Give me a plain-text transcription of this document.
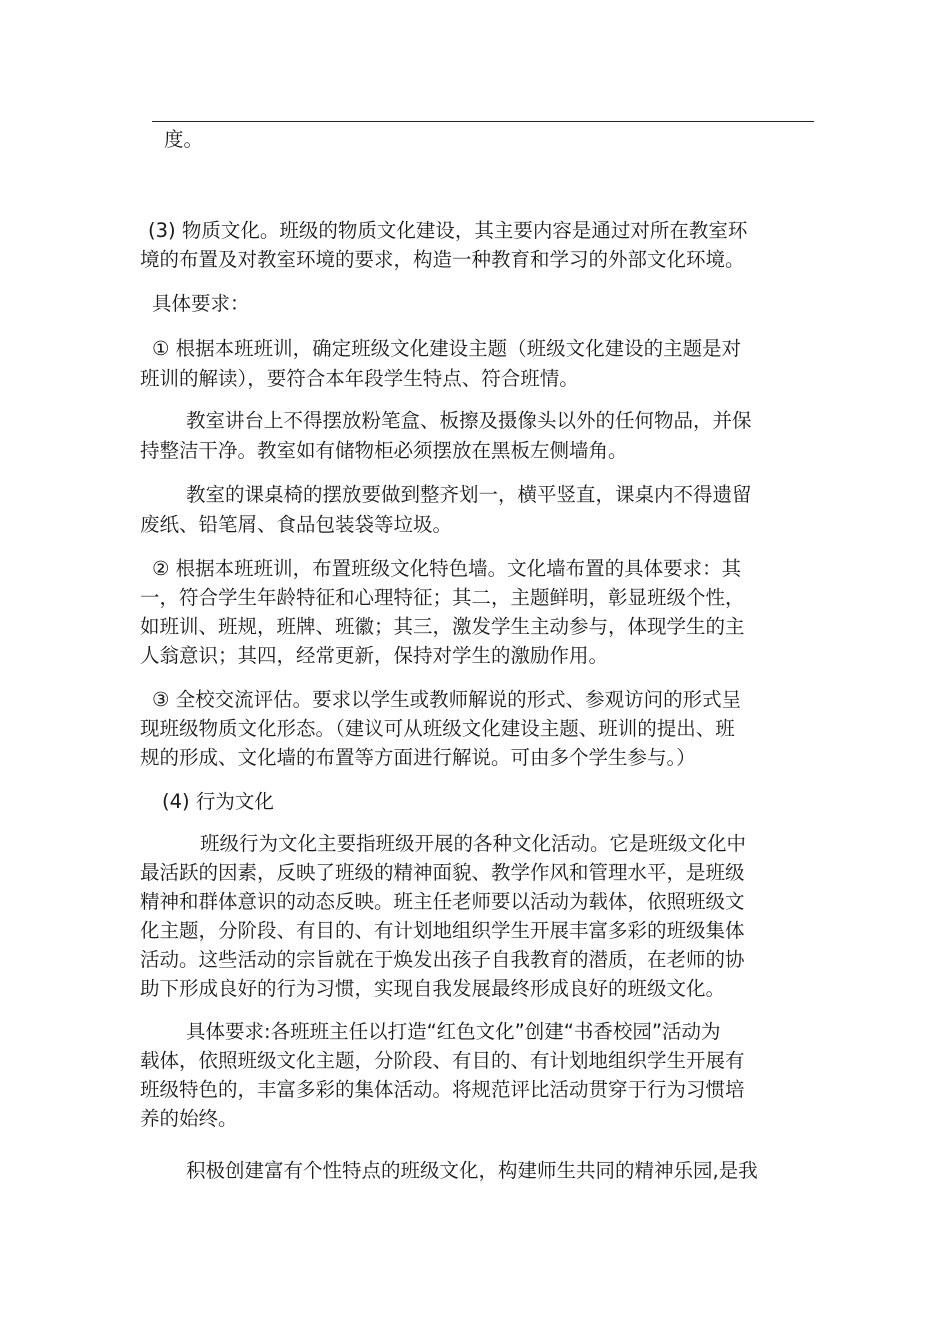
度。
(3) 物质文化。班级的物质文化建设，其主要内容是通过对所在教室环
境的布置及对教室环境的要求，构造一种教育和学习的外部文化环境。
具体要求：
① 根据本班班训，确定班级文化建设主题（班级文化建设的主题是对
班训的解读），要符合本年段学生特点、符合班情。
教室讲台上不得摆放粉笔盒、板擦及摄像头以外的任何物品，并保
持整洁干净。教室如有储物柜必须摆放在黑板左侧墙角。
教室的课桌椅的摆放要做到整齐划一，横平竖直，课桌内不得遗留
废纸、铅笔屑、食品包装袋等垃圾。
② 根据本班班训，布置班级文化特色墙。文化墙布置的具体要求：其
一，符合学生年龄特征和心理特征；其二，主题鲜明，彰显班级个性，
如班训、班规，班牌、班徽；其三，激发学生主动参与，体现学生的主
人翁意识；其四，经常更新，保持对学生的激励作用。
③ 全校交流评估。要求以学生或教师解说的形式、参观访问的形式呈
现班级物质文化形态。（建议可从班级文化建设主题、班训的提出、班
规的形成、文化墙的布置等方面进行解说。可由多个学生参与。）
(4) 行为文化
班级行为文化主要指班级开展的各种文化活动。它是班级文化中
最活跃的因素，反映了班级的精神面貌、教学作风和管理水平，是班级
精神和群体意识的动态反映。班主任老师要以活动为载体，依照班级文
化主题，分阶段、有目的、有计划地组织学生开展丰富多彩的班级集体
活动。这些活动的宗旨就在于焕发出孩子自我教育的潜质，在老师的协
助下形成良好的行为习惯，实现自我发展最终形成良好的班级文化。
具体要求:各班班主任以打造“红色文化”创建“书香校园”活动为
载体，依照班级文化主题，分阶段、有目的、有计划地组织学生开展有
班级特色的，丰富多彩的集体活动。将规范评比活动贯穿于行为习惯培
养的始终。
积极创建富有个性特点的班级文化，构建师生共同的精神乐园,是我
